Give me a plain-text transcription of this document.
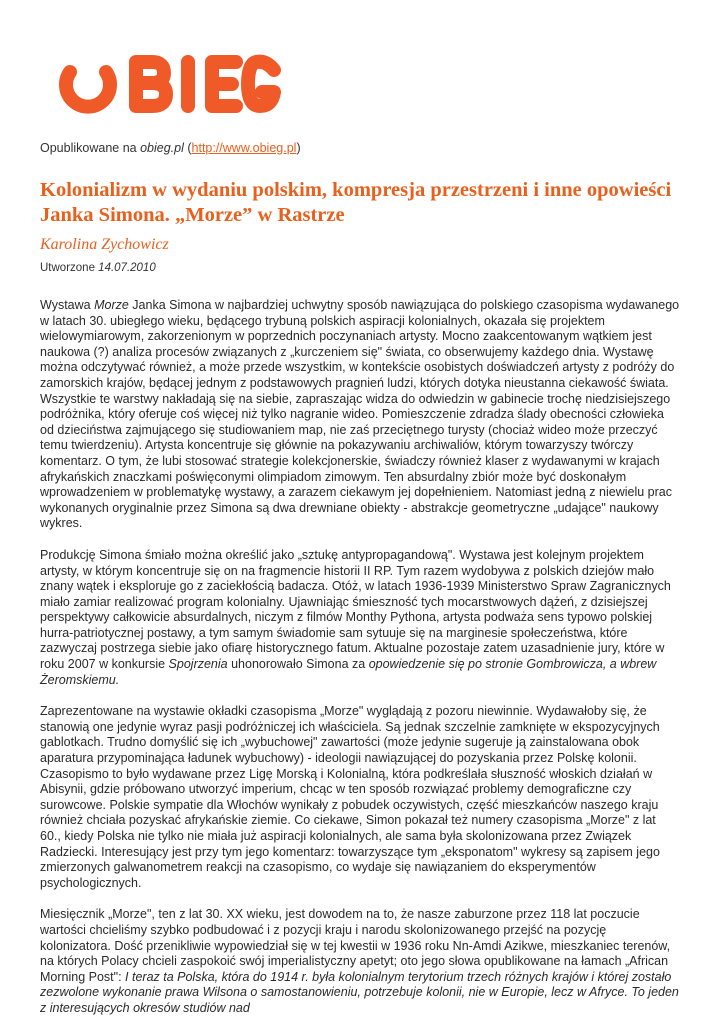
Opublikowane na obieg.pl (http://www.obieg.pl)
Kolonializm w wydaniu polskim, kompresja przestrzeni i inne opowieści Janka Simona. „Morze” w Rastrze
Karolina Zychowicz
Utworzone 14.07.2010

Wystawa Morze Janka Simona w najbardziej uchwytny sposób nawiązująca do polskiego czasopisma wydawanego w latach 30. ubiegłego wieku, będącego trybuną polskich aspiracji kolonialnych, okazała się projektem wielowymiarowym, zakorzenionym w poprzednich poczynaniach artysty. Mocno zaakcentowanym wątkiem jest naukowa (?) analiza procesów związanych z „kurczeniem się" świata, co obserwujemy każdego dnia. Wystawę można odczytywać również, a może przede wszystkim, w kontekście osobistych doświadczeń artysty z podróży do zamorskich krajów, będącej jednym z podstawowych pragnień ludzi, których dotyka nieustanna ciekawość świata. Wszystkie te warstwy nakładają się na siebie, zapraszając widza do odwiedzin w gabinecie trochę niedzisiejszego podróżnika, który oferuje coś więcej niż tylko nagranie wideo. Pomieszczenie zdradza ślady obecności człowieka od dzieciństwa zajmującego się studiowaniem map, nie zaś przeciętnego turysty (chociaż wideo może przeczyć temu twierdzeniu). Artysta koncentruje się głównie na pokazywaniu archiwaliów, którym towarzyszy twórczy komentarz. O tym, że lubi stosować strategie kolekcjonerskie, świadczy również klaser z wydawanymi w krajach afrykańskich znaczkami poświęconymi olimpiadom zimowym. Ten absurdalny zbiór może być doskonałym wprowadzeniem w problematykę wystawy, a zarazem ciekawym jej dopełnieniem. Natomiast jedną z niewielu prac wykonanych oryginalnie przez Simona są dwa drewniane obiekty - abstrakcje geometryczne „udające" naukowy wykres.

Produkcję Simona śmiało można określić jako „sztukę antypropagandową". Wystawa jest kolejnym projektem artysty, w którym koncentruje się on na fragmencie historii II RP. Tym razem wydobywa z polskich dziejów mało znany wątek i eksploruje go z zaciekłością badacza. Otóż, w latach 1936-1939 Ministerstwo Spraw Zagranicznych miało zamiar realizować program kolonialny. Ujawniając śmieszność tych mocarstwowych dążeń, z dzisiejszej perspektywy całkowicie absurdalnych, niczym z filmów Monthy Pythona, artysta podważa sens typowo polskiej hurra-patriotycznej postawy, a tym samym świadomie sam sytuuje się na marginesie społeczeństwa, które zazwyczaj postrzega siebie jako ofiarę historycznego fatum. Aktualne pozostaje zatem uzasadnienie jury, które w roku 2007 w konkursie Spojrzenia uhonorowało Simona za opowiedzenie się po stronie Gombrowicza, a wbrew Żeromskiemu.

Zaprezentowane na wystawie okładki czasopisma „Morze" wyglądają z pozoru niewinnie. Wydawałoby się, że stanowią one jedynie wyraz pasji podróżniczej ich właściciela. Są jednak szczelnie zamknięte w ekspozycyjnych gablotkach. Trudno domyślić się ich „wybuchowej" zawartości (może jedynie sugeruje ją zainstalowana obok aparatura przypominająca ładunek wybuchowy) - ideologii nawiązującej do pozyskania przez Polskę kolonii. Czasopismo to było wydawane przez Ligę Morską i Kolonialną, która podkreślała słuszność włoskich działań w Abisynii, gdzie próbowano utworzyć imperium, chcąc w ten sposób rozwiązać problemy demograficzne czy surowcowe. Polskie sympatie dla Włochów wynikały z pobudek oczywistych, część mieszkańców naszego kraju również chciała pozyskać afrykańskie ziemie. Co ciekawe, Simon pokazał też numery czasopisma „Morze" z lat 60., kiedy Polska nie tylko nie miała już aspiracji kolonialnych, ale sama była skolonizowana przez Związek Radziecki. Interesujący jest przy tym jego komentarz: towarzyszące tym „eksponatom" wykresy są zapisem jego zmierzonych galwanometrem reakcji na czasopismo, co wydaje się nawiązaniem do eksperymentów psychologicznych.

Miesięcznik „Morze", ten z lat 30. XX wieku, jest dowodem na to, że nasze zaburzone przez 118 lat poczucie wartości chcieliśmy szybko podbudować i z pozycji kraju i narodu skolonizowanego przejść na pozycję kolonizatora. Dość przenikliwie wypowiedział się w tej kwestii w 1936 roku Nn-Amdi Azikwe, mieszkaniec terenów, na których Polacy chcieli zaspokoić swój imperialistyczny apetyt; oto jego słowa opublikowane na łamach „African Morning Post": I teraz ta Polska, która do 1914 r. była kolonialnym terytorium trzech różnych krajów i której zostało zezwolone wykonanie prawa Wilsona o samostanowieniu, potrzebuje kolonii, nie w Europie, lecz w Afryce. To jeden z interesujących okresów studiów nad
